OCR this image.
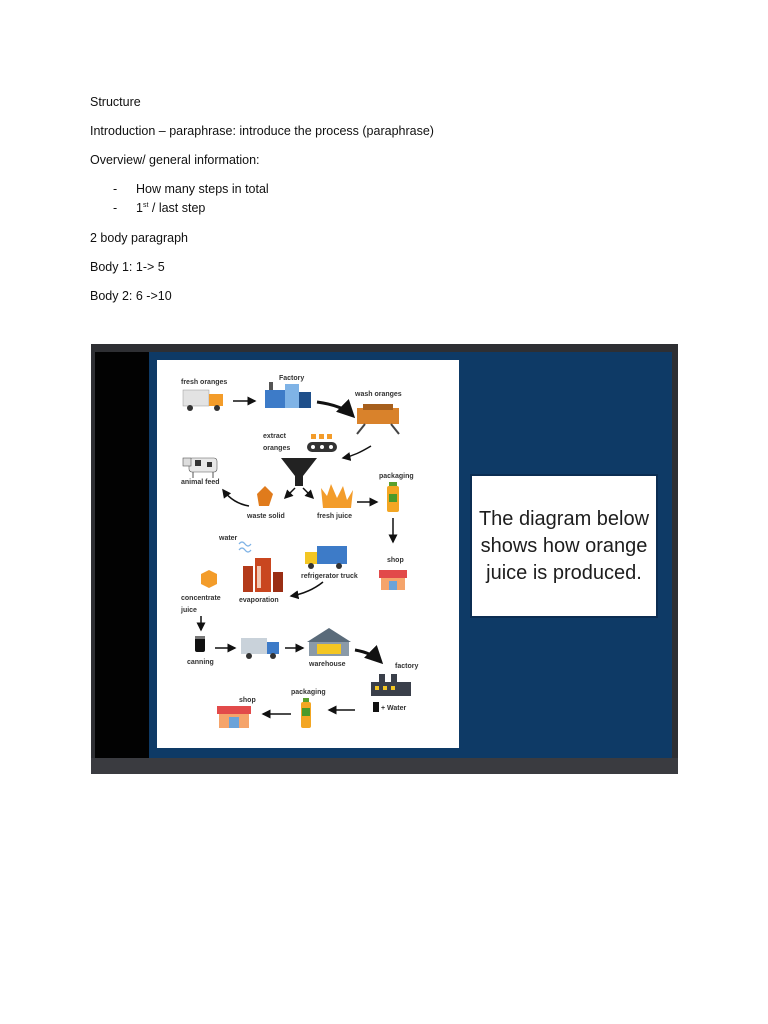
Structure
Introduction – paraphrase: introduce the process (paraphrase)
Overview/ general information:
- How many steps in total
- 1st / last step
2 body paragraph
Body 1: 1-> 5
Body 2: 6 ->10
fresh oranges
Factory
wash oranges
extract
oranges
animal feed
waste solid	fresh juice
packaging
water
evaporation
refrigerator truck
shop
concentrate
juice
canning	warehouse	factory
+ Water
packaging
shop
The diagram below shows how orange juice is produced.
